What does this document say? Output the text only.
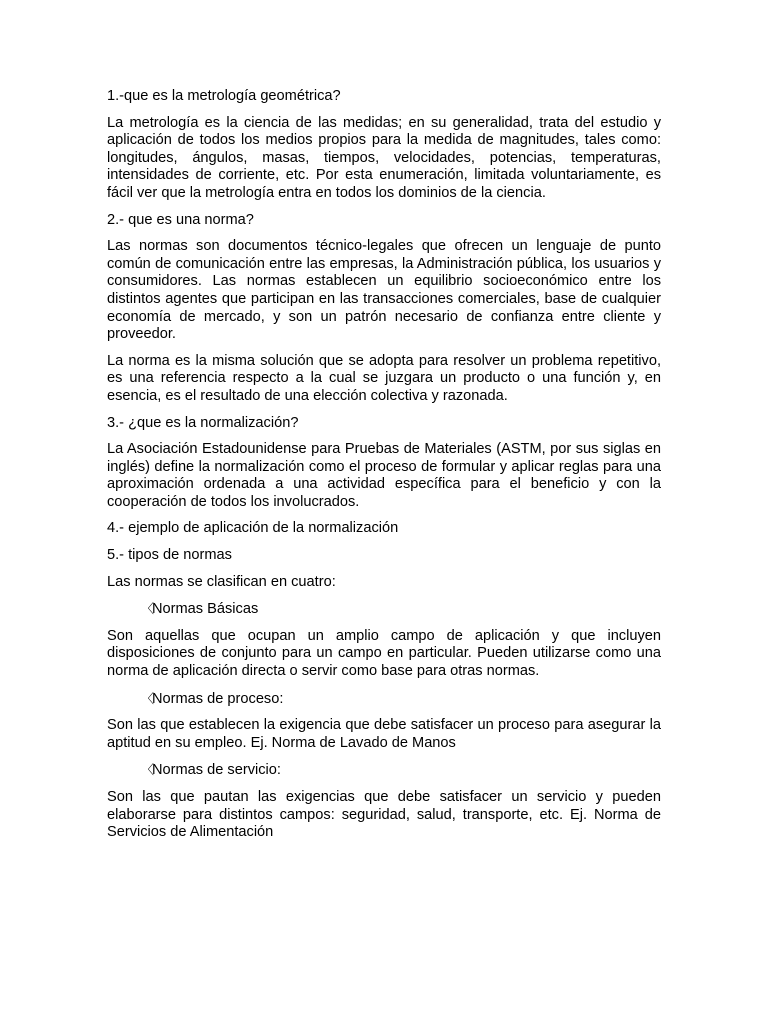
1.-que es la metrología geométrica?
La metrología es la ciencia de las medidas; en su generalidad, trata del estudio y aplicación de todos los medios propios para la medida de magnitudes, tales como: longitudes, ángulos, masas, tiempos, velocidades, potencias, temperaturas, intensidades de corriente, etc. Por esta enumeración, limitada voluntariamente, es fácil ver que la metrología entra en todos los dominios de la ciencia.
2.- que es una norma?
Las normas son documentos técnico-legales que ofrecen un lenguaje de punto común de comunicación entre las empresas, la Administración pública, los usuarios y consumidores. Las normas establecen un equilibrio socioeconómico entre los distintos agentes que participan en las transacciones comerciales, base de cualquier economía de mercado, y son un patrón necesario de confianza entre cliente y proveedor.
La norma es la misma solución que se adopta para resolver un problema repetitivo, es una referencia respecto a la cual se juzgara un producto o una función y, en esencia, es el resultado de una elección colectiva y razonada.
3.- ¿que es la normalización?
La Asociación Estadounidense para Pruebas de Materiales (ASTM, por sus siglas en inglés) define la normalización como el proceso de formular y aplicar reglas para una aproximación ordenada a una actividad específica para el beneficio y con la cooperación de todos los involucrados.
4.- ejemplo de aplicación de la normalización
5.- tipos de normas
Las normas se clasifican en cuatro:
〈
Normas Básicas
Son aquellas que ocupan un amplio campo de aplicación y que incluyen disposiciones de conjunto para un campo en particular. Pueden utilizarse como una norma de aplicación directa o servir como base para otras normas.
〈
Normas de proceso:
Son las que establecen la exigencia que debe satisfacer un proceso para asegurar la aptitud en su empleo. Ej. Norma de Lavado de Manos
〈
Normas de servicio:
Son las que pautan las exigencias que debe satisfacer un servicio y pueden elaborarse para distintos campos: seguridad, salud, transporte, etc. Ej. Norma de Servicios de Alimentación
